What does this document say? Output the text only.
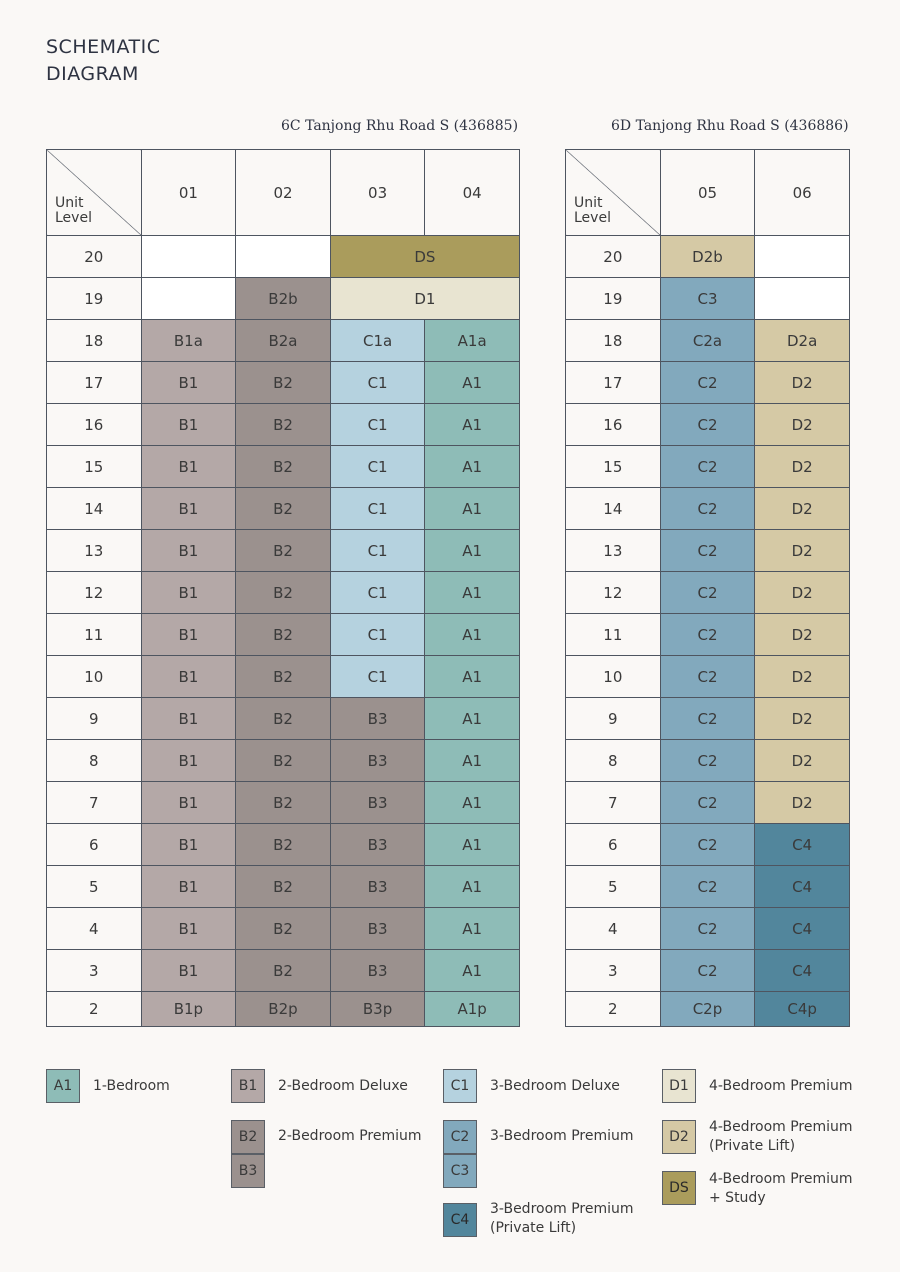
SCHEMATIC
DIAGRAM
6C Tanjong Rhu Road S (436885)	6D Tanjong Rhu Road S (436886)
Unit
Level	01	02	03	04
20			DS	
19		B2b	D1	
18	B1a	B2a	C1a	A1a
17	B1	B2	C1	A1
16	B1	B2	C1	A1
15	B1	B2	C1	A1
14	B1	B2	C1	A1
13	B1	B2	C1	A1
12	B1	B2	C1	A1
11	B1	B2	C1	A1
10	B1	B2	C1	A1
9	B1	B2	B3	A1
8	B1	B2	B3	A1
7	B1	B2	B3	A1
6	B1	B2	B3	A1
5	B1	B2	B3	A1
4	B1	B2	B3	A1
3	B1	B2	B3	A1
2	B1p	B2p	B3p	A1p
Unit
Level	05	06
20	D2b	
19	C3	
18	C2a	D2a
17	C2	D2
16	C2	D2
15	C2	D2
14	C2	D2
13	C2	D2
12	C2	D2
11	C2	D2
10	C2	D2
9	C2	D2
8	C2	D2
7	C2	D2
6	C2	C4
5	C2	C4
4	C2	C4
3	C2	C4
2	C2p	C4p
A1	1-Bedroom	B1	2-Bedroom Deluxe
B2
B3
2-Bedroom Premium
C1	3-Bedroom Deluxe
C2
C3
3-Bedroom Premium
C4
3-Bedroom Premium
(Private Lift)
D1	4-Bedroom Premium
D2
4-Bedroom Premium
(Private Lift)
DS
4-Bedroom Premium
+ Study
